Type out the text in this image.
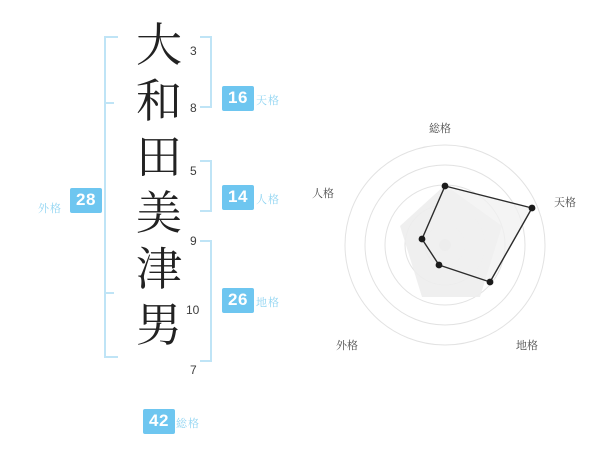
大
和
田
美
津
男
3
8
5
9
10
7
16 天格
14 人格
26 地格
外格 28
42 総格
総格
天格
地格
外格
人格
